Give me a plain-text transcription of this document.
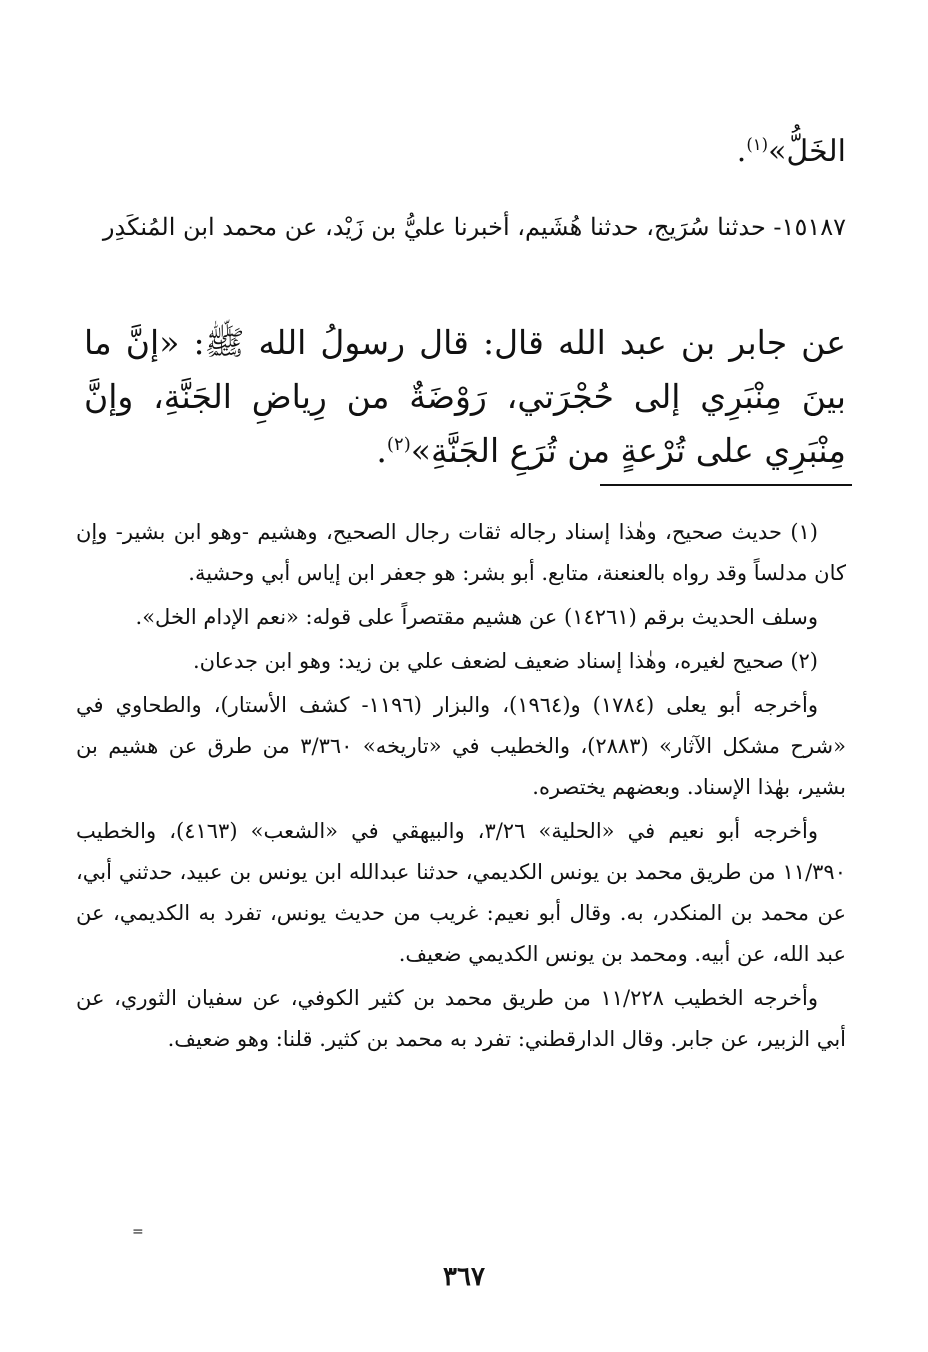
الخَلُّ»$^{(١)}$.

١٥١٨٧- حدثنا سُرَيج، حدثنا هُشَيم، أخبرنا عليُّ بن زَيْد، عن محمد ابن المُنكَدِر

عن جابر بن عبد الله قال: قال رسولُ الله ﷺ: «إنَّ ما بينَ مِنْبَرِي إلى حُجْرَتي، رَوْضَةٌ من رِياضِ الجَنَّةِ، وإنَّ مِنْبَرِي على تُرْعةٍ من تُرَعِ الجَنَّةِ»$^{(٢)}$.

(١) حديث صحيح، وهٰذا إسناد رجاله ثقات رجال الصحيح، وهشيم -وهو ابن بشير- وإن كان مدلساً وقد رواه بالعنعنة، متابع. أبو بشر: هو جعفر ابن إياس أبي وحشية.

وسلف الحديث برقم (١٤٢٦١) عن هشيم مقتصراً على قوله: «نعم الإدام الخل».

(٢) صحيح لغيره، وهٰذا إسناد ضعيف لضعف علي بن زيد: وهو ابن جدعان.

وأخرجه أبو يعلى (١٧٨٤) و(١٩٦٤)، والبزار (١١٩٦- كشف الأستار)، والطحاوي في «شرح مشكل الآثار» (٢٨٨٣)، والخطيب في «تاريخه» ٣/٣٦٠ من طرق عن هشيم بن بشير، بهٰذا الإسناد. وبعضهم يختصره.

وأخرجه أبو نعيم في «الحلية» ٣/٢٦، والبيهقي في «الشعب» (٤١٦٣)، والخطيب ١١/٣٩٠ من طريق محمد بن يونس الكديمي، حدثنا عبدالله ابن يونس بن عبيد، حدثني أبي، عن محمد بن المنكدر، به. وقال أبو نعيم: غريب من حديث يونس، تفرد به الكديمي، عن عبد الله، عن أبيه. ومحمد بن يونس الكديمي ضعيف.

وأخرجه الخطيب ١١/٢٢٨ من طريق محمد بن كثير الكوفي، عن سفيان الثوري، عن أبي الزبير، عن جابر. وقال الدارقطني: تفرد به محمد بن كثير. قلنا: وهو ضعيف.

=
٣٦٧
